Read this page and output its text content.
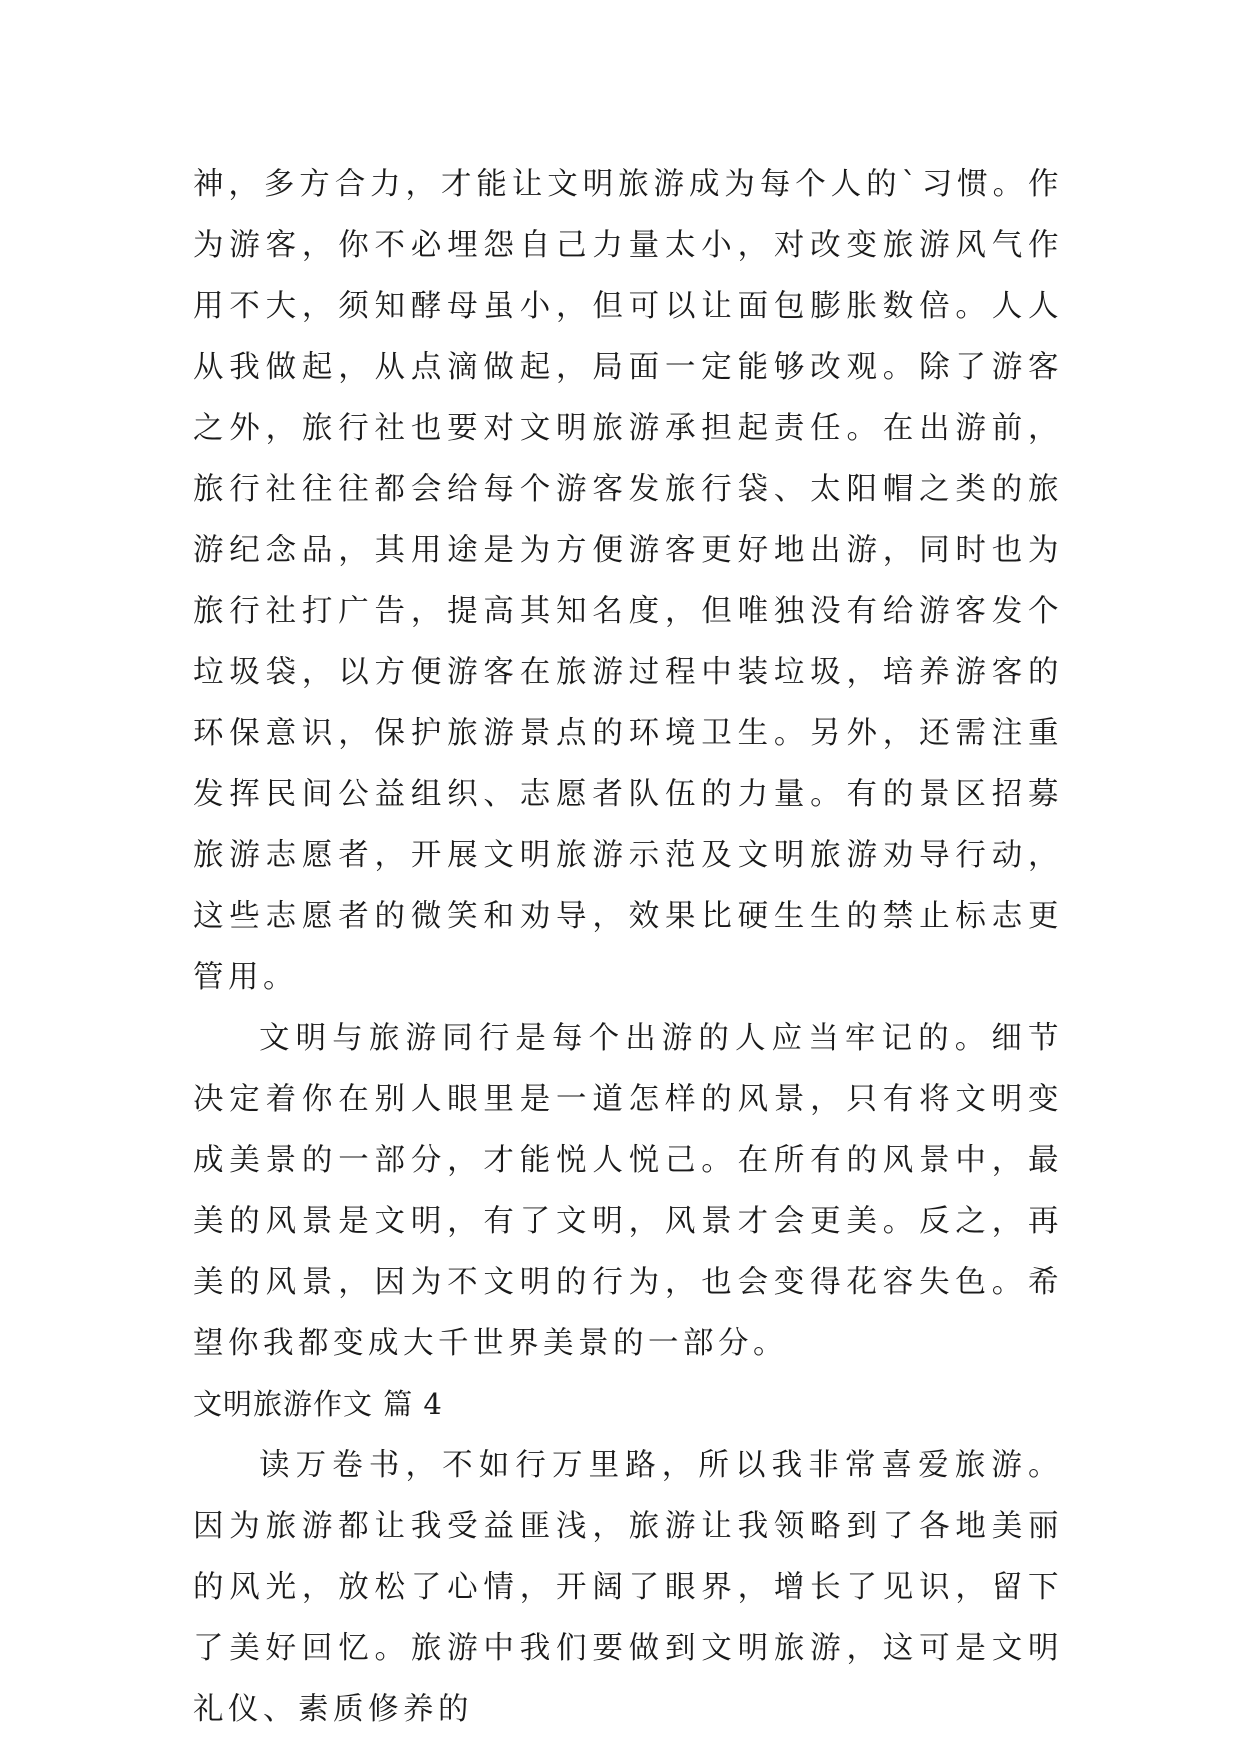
神，多方合力，才能让文明旅游成为每个人的`习惯。作为游客，你不必埋怨自己力量太小，对改变旅游风气作用不大，须知酵母虽小，但可以让面包膨胀数倍。人人从我做起，从点滴做起，局面一定能够改观。除了游客之外，旅行社也要对文明旅游承担起责任。在出游前，旅行社往往都会给每个游客发旅行袋、太阳帽之类的旅游纪念品，其用途是为方便游客更好地出游，同时也为旅行社打广告，提高其知名度，但唯独没有给游客发个垃圾袋，以方便游客在旅游过程中装垃圾，培养游客的环保意识，保护旅游景点的环境卫生。另外，还需注重发挥民间公益组织、志愿者队伍的力量。有的景区招募旅游志愿者，开展文明旅游示范及文明旅游劝导行动，这些志愿者的微笑和劝导，效果比硬生生的禁止标志更管用。

文明与旅游同行是每个出游的人应当牢记的。细节决定着你在别人眼里是一道怎样的风景，只有将文明变成美景的一部分，才能悦人悦己。在所有的风景中，最美的风景是文明，有了文明，风景才会更美。反之，再美的风景，因为不文明的行为，也会变得花容失色。希望你我都变成大千世界美景的一部分。

文明旅游作文 篇 4

读万卷书，不如行万里路，所以我非常喜爱旅游。因为旅游都让我受益匪浅，旅游让我领略到了各地美丽的风光，放松了心情，开阔了眼界，增长了见识，留下了美好回忆。旅游中我们要做到文明旅游，这可是文明礼仪、素质修养的
